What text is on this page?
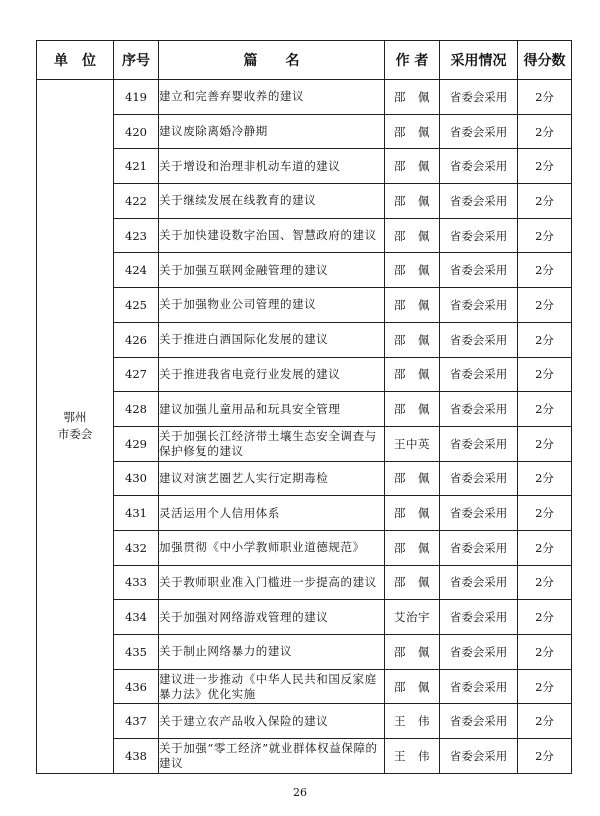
单　位	序号	篇　　名	作 者	采用情况	得分数

鄂州
市委会	419	建立和完善弃婴收养的建议	邵　佩	省委会采用	2分
	420	建议废除离婚冷静期	邵　佩	省委会采用	2分
	421	关于增设和治理非机动车道的建议	邵　佩	省委会采用	2分
	422	关于继续发展在线教育的建议	邵　佩	省委会采用	2分
	423	关于加快建设数字治国、智慧政府的建议	邵　佩	省委会采用	2分
	424	关于加强互联网金融管理的建议	邵　佩	省委会采用	2分
	425	关于加强物业公司管理的建议	邵　佩	省委会采用	2分
	426	关于推进白酒国际化发展的建议	邵　佩	省委会采用	2分
	427	关于推进我省电竞行业发展的建议	邵　佩	省委会采用	2分
	428	建议加强儿童用品和玩具安全管理	邵　佩	省委会采用	2分
	429	关于加强长江经济带土壤生态安全调查与保护修复的建议	王中英	省委会采用	2分
	430	建议对演艺圈艺人实行定期毒检	邵　佩	省委会采用	2分
	431	灵活运用个人信用体系	邵　佩	省委会采用	2分
	432	加强贯彻《中小学教师职业道德规范》	邵　佩	省委会采用	2分
	433	关于教师职业准入门槛进一步提高的建议	邵　佩	省委会采用	2分
	434	关于加强对网络游戏管理的建议	艾治宇	省委会采用	2分
	435	关于制止网络暴力的建议	邵　佩	省委会采用	2分
	436	建议进一步推动《中华人民共和国反家庭暴力法》优化实施	邵　佩	省委会采用	2分
	437	关于建立农产品收入保险的建议	王　伟	省委会采用	2分
	438	关于加强“零工经济”就业群体权益保障的建议	王　伟	省委会采用	2分
26
